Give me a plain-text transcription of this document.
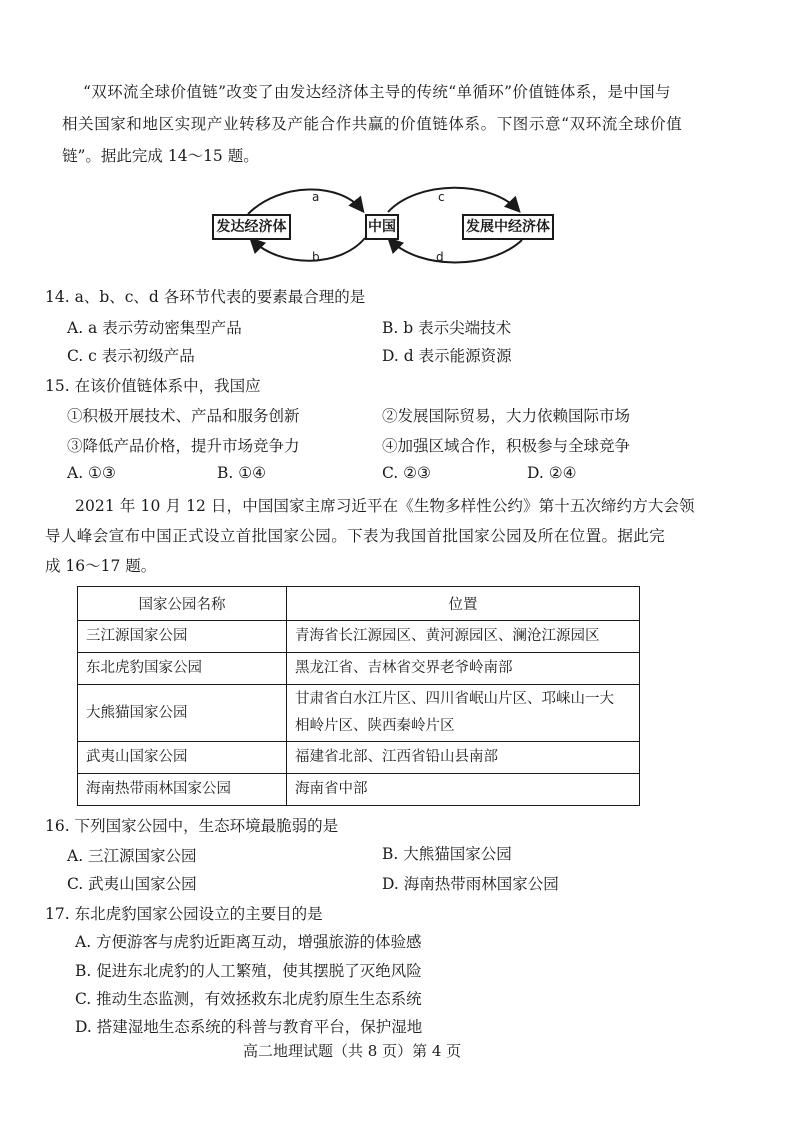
“双环流全球价值链”改变了由发达经济体主导的传统“单循环”价值链体系，是中国与
相关国家和地区实现产业转移及产能合作共赢的价值链体系。下图示意“双环流全球价值
链”。据此完成 14～15 题。
发达经济体	中国	发展中经济体
a
b
c
d
14. a、b、c、d 各环节代表的要素最合理的是
A. a 表示劳动密集型产品	B. b 表示尖端技术
C. c 表示初级产品	D. d 表示能源资源
15. 在该价值链体系中，我国应
①积极开展技术、产品和服务创新	②发展国际贸易，大力依赖国际市场
③降低产品价格，提升市场竞争力	④加强区域合作，积极参与全球竞争
A. ①③	B. ①④	C. ②③	D. ②④
2021 年 10 月 12 日，中国国家主席习近平在《生物多样性公约》第十五次缔约方大会领
导人峰会宣布中国正式设立首批国家公园。下表为我国首批国家公园及所在位置。据此完
成 16～17 题。
国家公园名称	位置
三江源国家公园	青海省长江源园区、黄河源园区、澜沧江源园区
东北虎豹国家公园	黑龙江省、吉林省交界老爷岭南部
大熊猫国家公园	甘肃省白水江片区、四川省岷山片区、邛崃山一大
相岭片区、陕西秦岭片区

武夷山国家公园	福建省北部、江西省铅山县南部
海南热带雨林国家公园	海南省中部
16. 下列国家公园中，生态环境最脆弱的是
A. 三江源国家公园	B. 大熊猫国家公园
C. 武夷山国家公园	D. 海南热带雨林国家公园
17. 东北虎豹国家公园设立的主要目的是
A. 方便游客与虎豹近距离互动，增强旅游的体验感
B. 促进东北虎豹的人工繁殖，使其摆脱了灭绝风险
C. 推动生态监测，有效拯救东北虎豹原生生态系统
D. 搭建湿地生态系统的科普与教育平台，保护湿地
高二地理试题（共 8 页）第 4 页
